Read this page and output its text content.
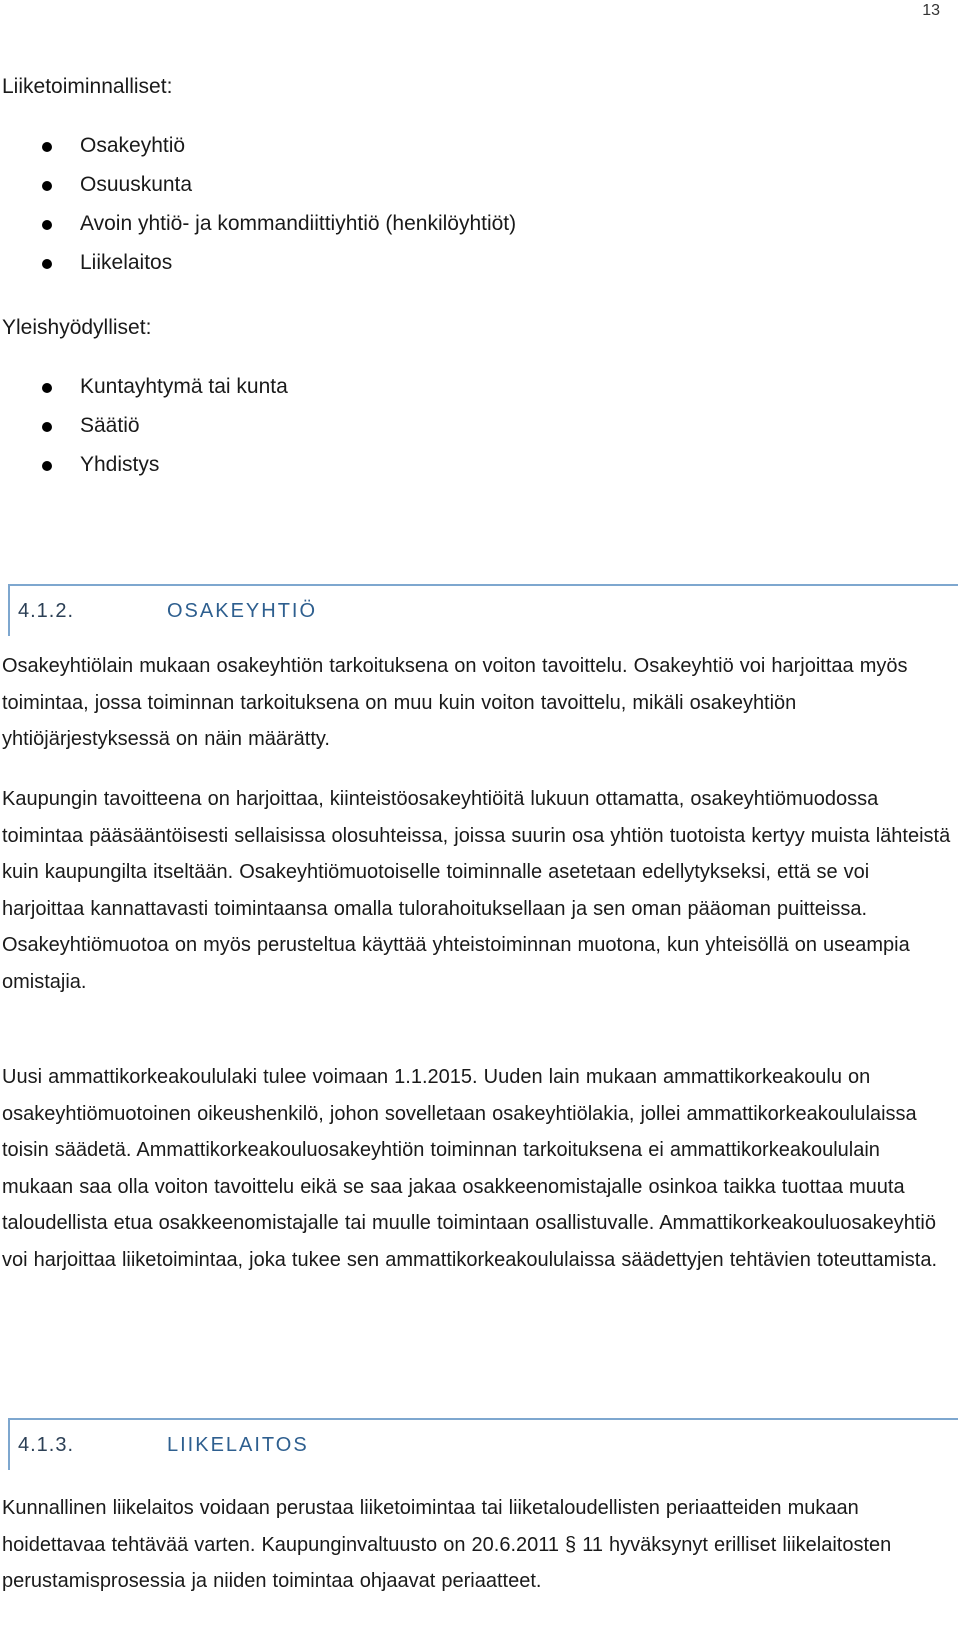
13
Liiketoiminnalliset:
Osakeyhtiö
Osuuskunta
Avoin yhtiö- ja kommandiittiyhtiö (henkilöyhtiöt)
Liikelaitos
Yleishyödylliset:
Kuntayhtymä tai kunta
Säätiö
Yhdistys
4.1.2.	OSAKEYHTIÖ

Osakeyhtiölain mukaan osakeyhtiön tarkoituksena on voiton tavoittelu. Osakeyhtiö voi harjoittaa myös toimintaa, jossa toiminnan tarkoituksena on muu kuin voiton tavoittelu, mikäli osakeyhtiön yhtiöjärjestyksessä on näin määrätty.

Kaupungin tavoitteena on harjoittaa, kiinteistöosakeyhtiöitä lukuun ottamatta, osakeyhtiömuodossa toimintaa pääsääntöisesti sellaisissa olosuhteissa, joissa suurin osa yhtiön tuotoista kertyy muista lähteistä kuin kaupungilta itseltään. Osakeyhtiömuotoiselle toiminnalle asetetaan edellytykseksi, että se voi harjoittaa kannattavasti toimintaansa omalla tulorahoituksellaan ja sen oman pääoman puitteissa. Osakeyhtiömuotoa on myös perusteltua käyttää yhteistoiminnan muotona, kun yhteisöllä on useampia omistajia.

Uusi ammattikorkeakoululaki tulee voimaan 1.1.2015. Uuden lain mukaan ammattikorkeakoulu on osakeyhtiömuotoinen oikeushenkilö, johon sovelletaan osakeyhtiölakia, jollei ammattikorkeakoululaissa toisin säädetä. Ammattikorkeakouluosakeyhtiön toiminnan tarkoituksena ei ammattikorkeakoululain mukaan saa olla voiton tavoittelu eikä se saa jakaa osakkeenomistajalle osinkoa taikka tuottaa muuta taloudellista etua osakkeenomistajalle tai muulle toimintaan osallistuvalle. Ammattikorkeakouluosakeyhtiö voi harjoittaa liiketoimintaa, joka tukee sen ammattikorkeakoululaissa säädettyjen tehtävien toteuttamista.

4.1.3.	LIIKELAITOS

Kunnallinen liikelaitos voidaan perustaa liiketoimintaa tai liiketaloudellisten periaatteiden mukaan hoidettavaa tehtävää varten. Kaupunginvaltuusto on 20.6.2011 § 11 hyväksynyt erilliset liikelaitosten perustamisprosessia ja niiden toimintaa ohjaavat periaatteet.
